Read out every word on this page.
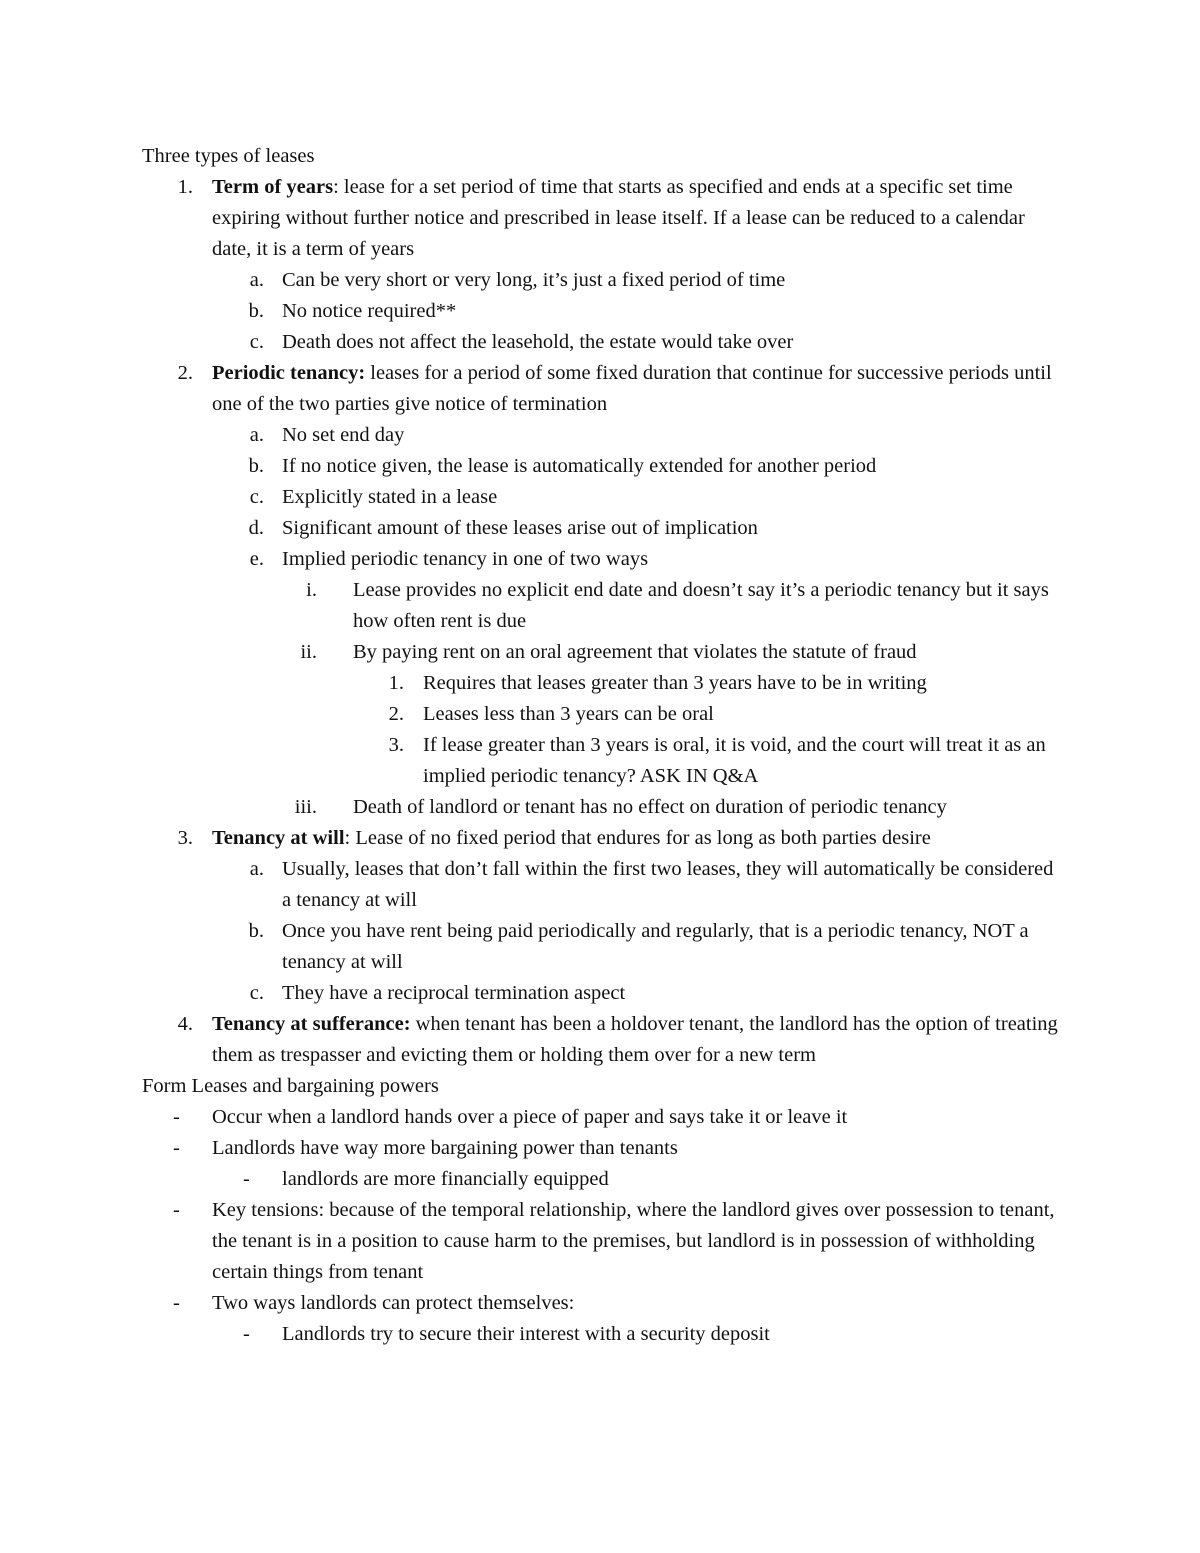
Three types of leases
1. Term of years: lease for a set period of time that starts as specified and ends at a specific set time expiring without further notice and prescribed in lease itself. If a lease can be reduced to a calendar date, it is a term of years
a. Can be very short or very long, it’s just a fixed period of time
b. No notice required**
c. Death does not affect the leasehold, the estate would take over
2. Periodic tenancy: leases for a period of some fixed duration that continue for successive periods until one of the two parties give notice of termination
a. No set end day
b. If no notice given, the lease is automatically extended for another period
c. Explicitly stated in a lease
d. Significant amount of these leases arise out of implication
e. Implied periodic tenancy in one of two ways
i. Lease provides no explicit end date and doesn’t say it’s a periodic tenancy but it says how often rent is due
ii. By paying rent on an oral agreement that violates the statute of fraud
1. Requires that leases greater than 3 years have to be in writing
2. Leases less than 3 years can be oral
3. If lease greater than 3 years is oral, it is void, and the court will treat it as an implied periodic tenancy? ASK IN Q&A
iii. Death of landlord or tenant has no effect on duration of periodic tenancy
3. Tenancy at will: Lease of no fixed period that endures for as long as both parties desire
a. Usually, leases that don’t fall within the first two leases, they will automatically be considered a tenancy at will
b. Once you have rent being paid periodically and regularly, that is a periodic tenancy, NOT a tenancy at will
c. They have a reciprocal termination aspect
4. Tenancy at sufferance: when tenant has been a holdover tenant, the landlord has the option of treating them as trespasser and evicting them or holding them over for a new term
Form Leases and bargaining powers
- Occur when a landlord hands over a piece of paper and says take it or leave it
- Landlords have way more bargaining power than tenants
- landlords are more financially equipped
- Key tensions: because of the temporal relationship, where the landlord gives over possession to tenant, the tenant is in a position to cause harm to the premises, but landlord is in possession of withholding certain things from tenant
- Two ways landlords can protect themselves:
- Landlords try to secure their interest with a security deposit
